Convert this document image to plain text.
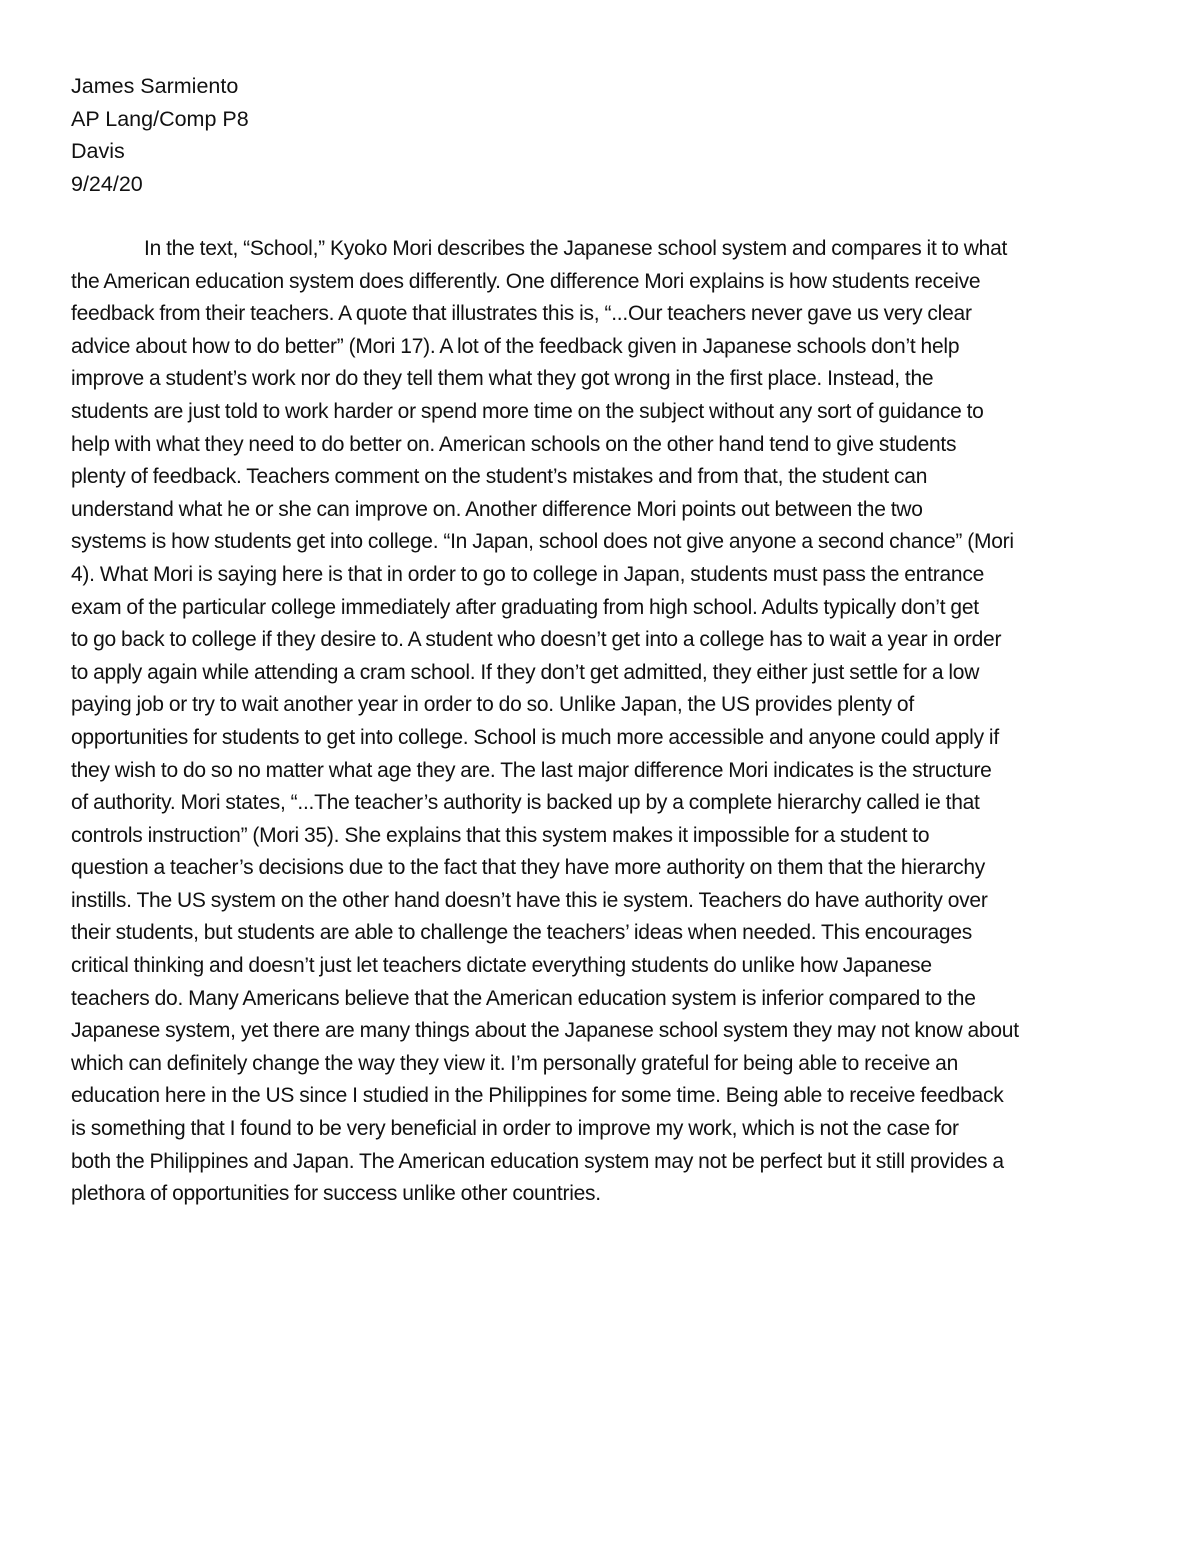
James Sarmiento
AP Lang/Comp P8
Davis
9/24/20
In the text, “School,” Kyoko Mori describes the Japanese school system and compares it to what
the American education system does differently. One difference Mori explains is how students receive
feedback from their teachers. A quote that illustrates this is, “...Our teachers never gave us very clear
advice about how to do better” (Mori 17). A lot of the feedback given in Japanese schools don’t help
improve a student’s work nor do they tell them what they got wrong in the first place. Instead, the
students are just told to work harder or spend more time on the subject without any sort of guidance to
help with what they need to do better on. American schools on the other hand tend to give students
plenty of feedback. Teachers comment on the student’s mistakes and from that, the student can
understand what he or she can improve on. Another difference Mori points out between the two
systems is how students get into college. “In Japan, school does not give anyone a second chance” (Mori
4). What Mori is saying here is that in order to go to college in Japan, students must pass the entrance
exam of the particular college immediately after graduating from high school. Adults typically don’t get
to go back to college if they desire to. A student who doesn’t get into a college has to wait a year in order
to apply again while attending a cram school. If they don’t get admitted, they either just settle for a low
paying job or try to wait another year in order to do so. Unlike Japan, the US provides plenty of
opportunities for students to get into college. School is much more accessible and anyone could apply if
they wish to do so no matter what age they are. The last major difference Mori indicates is the structure
of authority. Mori states, “...The teacher’s authority is backed up by a complete hierarchy called ie that
controls instruction” (Mori 35). She explains that this system makes it impossible for a student to
question a teacher’s decisions due to the fact that they have more authority on them that the hierarchy
instills. The US system on the other hand doesn’t have this ie system. Teachers do have authority over
their students, but students are able to challenge the teachers’ ideas when needed. This encourages
critical thinking and doesn’t just let teachers dictate everything students do unlike how Japanese
teachers do. Many Americans believe that the American education system is inferior compared to the
Japanese system, yet there are many things about the Japanese school system they may not know about
which can definitely change the way they view it. I’m personally grateful for being able to receive an
education here in the US since I studied in the Philippines for some time. Being able to receive feedback
is something that I found to be very beneficial in order to improve my work, which is not the case for
both the Philippines and Japan. The American education system may not be perfect but it still provides a
plethora of opportunities for success unlike other countries.
